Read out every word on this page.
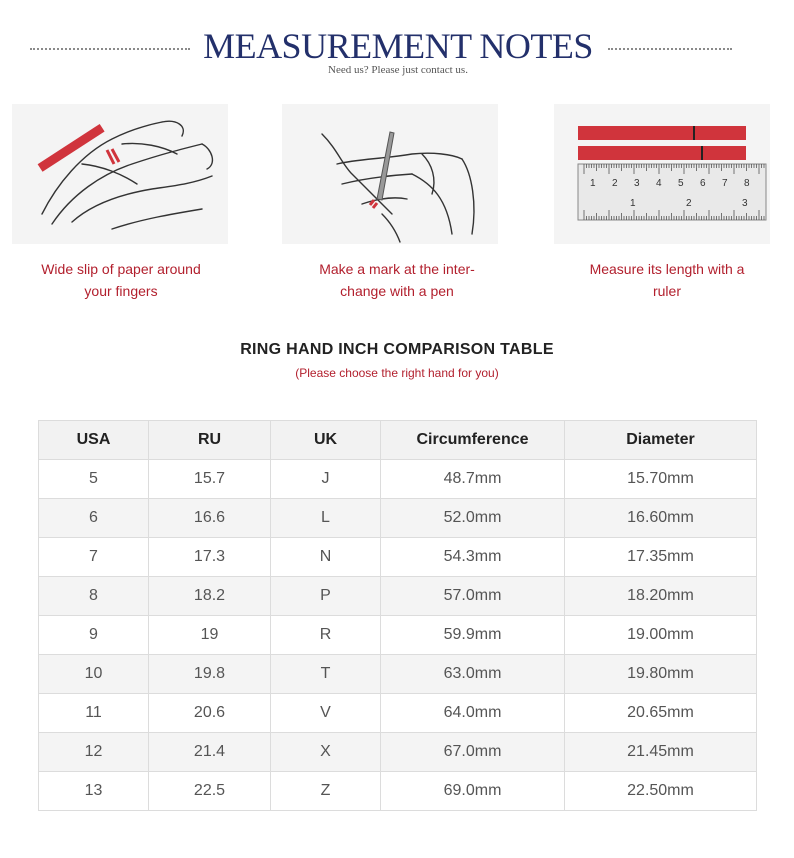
MEASUREMENT NOTES
Need us? Please just contact us.
Wide slip of paper around
your fingers
Make a mark at the inter-
change with a pen
1 2 3 4 5 6 7 8
1	2	3
Measure its length with a
ruler
RING HAND INCH COMPARISON TABLE
(Please choose the right hand for you)
USA	RU	UK	Circumference	Diameter
5	15.7	J	48.7mm	15.70mm
6	16.6	L	52.0mm	16.60mm
7	17.3	N	54.3mm	17.35mm
8	18.2	P	57.0mm	18.20mm
9	19	R	59.9mm	19.00mm
10	19.8	T	63.0mm	19.80mm
11	20.6	V	64.0mm	20.65mm
12	21.4	X	67.0mm	21.45mm
13	22.5	Z	69.0mm	22.50mm
